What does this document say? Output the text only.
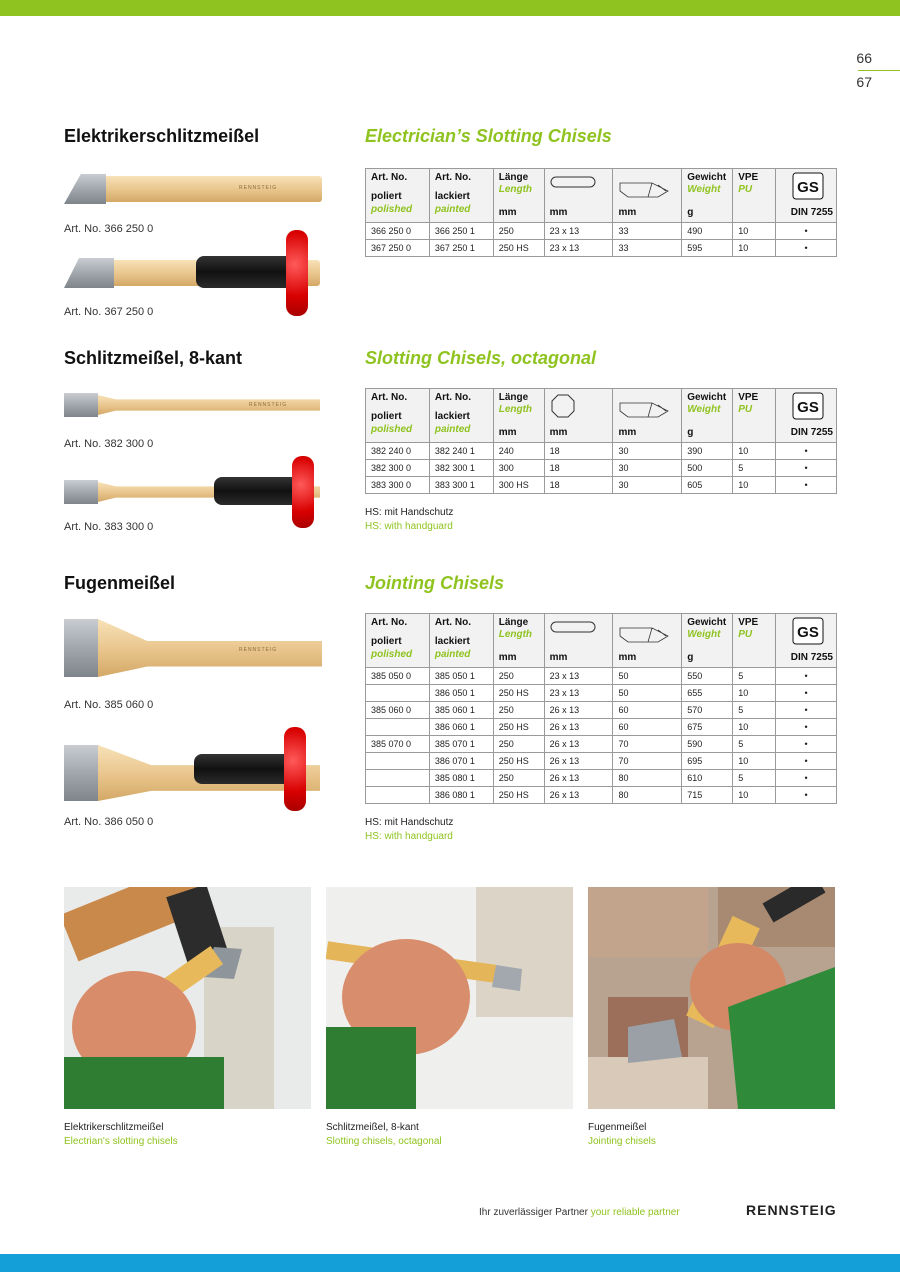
66
67
Elektrikerschlitzmeißel	Electrician’s Slotting Chisels
RENNSTEIG
Art. No. 366 250 0
Art. No. 367 250 0
Art. No.
poliert
polished	Art. No.
lackiert
painted	Länge
Length
mm	mm	mm	Gewicht
Weight
g	VPE
PU	GS
DIN 7255

366 250 0	366 250 1	250	23 x 13	33	490	10	•
367 250 0	367 250 1	250 HS	23 x 13	33	595	10	•
Schlitzmeißel, 8-kant	Slotting Chisels, octagonal
RENNSTEIG
Art. No. 382 300 0
Art. No. 383 300 0
Art. No.
poliert
polished	Art. No.
lackiert
painted	Länge
Length
mm	mm	mm	Gewicht
Weight
g	VPE
PU	GS
DIN 7255

382 240 0	382 240 1	240	18	30	390	10	•
382 300 0	382 300 1	300	18	30	500	5	•
383 300 0	383 300 1	300 HS	18	30	605	10	•
HS: mit Handschutz
HS: with handguard
Fugenmeißel	Jointing Chisels
RENNSTEIG
Art. No. 385 060 0
Art. No. 386 050 0
Art. No.
poliert
polished	Art. No.
lackiert
painted	Länge
Length
mm	mm	mm	Gewicht
Weight
g	VPE
PU	GS
DIN 7255

385 050 0	385 050 1	250	23 x 13	50	550	5	•
	386 050 1	250 HS	23 x 13	50	655	10	•
385 060 0	385 060 1	250	26 x 13	60	570	5	•
	386 060 1	250 HS	26 x 13	60	675	10	•
385 070 0	385 070 1	250	26 x 13	70	590	5	•
	386 070 1	250 HS	26 x 13	70	695	10	•
	385 080 1	250	26 x 13	80	610	5	•
	386 080 1	250 HS	26 x 13	80	715	10	•
HS: mit Handschutz
HS: with handguard
Elektrikerschlitzmeißel
Electrian's slotting chisels
Schlitzmeißel, 8-kant
Slotting chisels, octagonal
Fugenmeißel
Jointing chisels
Ihr zuverlässiger Partner your reliable partner	RENNSTEIG
